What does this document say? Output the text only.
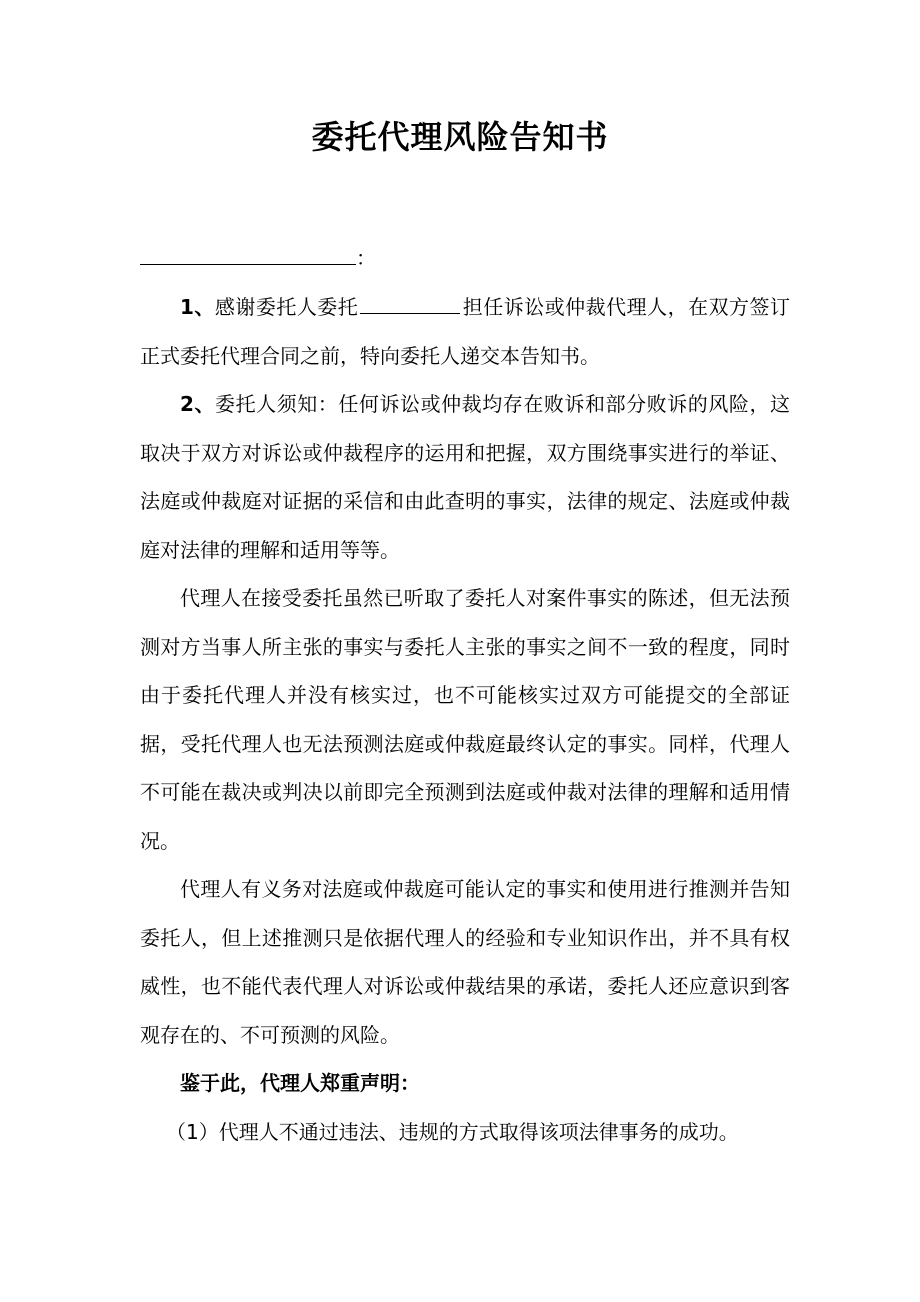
委托代理风险告知书
：

1、感谢委托人委托	担任诉讼或仲裁代理人，在双方签订正式委托代理合同之前，特向委托人递交本告知书。

2、委托人须知：任何诉讼或仲裁均存在败诉和部分败诉的风险，这取决于双方对诉讼或仲裁程序的运用和把握，双方围绕事实进行的举证、法庭或仲裁庭对证据的采信和由此查明的事实，法律的规定、法庭或仲裁庭对法律的理解和适用等等。

代理人在接受委托虽然已听取了委托人对案件事实的陈述，但无法预测对方当事人所主张的事实与委托人主张的事实之间不一致的程度，同时由于委托代理人并没有核实过，也不可能核实过双方可能提交的全部证据，受托代理人也无法预测法庭或仲裁庭最终认定的事实。同样，代理人不可能在裁决或判决以前即完全预测到法庭或仲裁对法律的理解和适用情况。

代理人有义务对法庭或仲裁庭可能认定的事实和使用进行推测并告知委托人，但上述推测只是依据代理人的经验和专业知识作出，并不具有权威性，也不能代表代理人对诉讼或仲裁结果的承诺，委托人还应意识到客观存在的、不可预测的风险。

鉴于此，代理人郑重声明：

（1）代理人不通过违法、违规的方式取得该项法律事务的成功。
